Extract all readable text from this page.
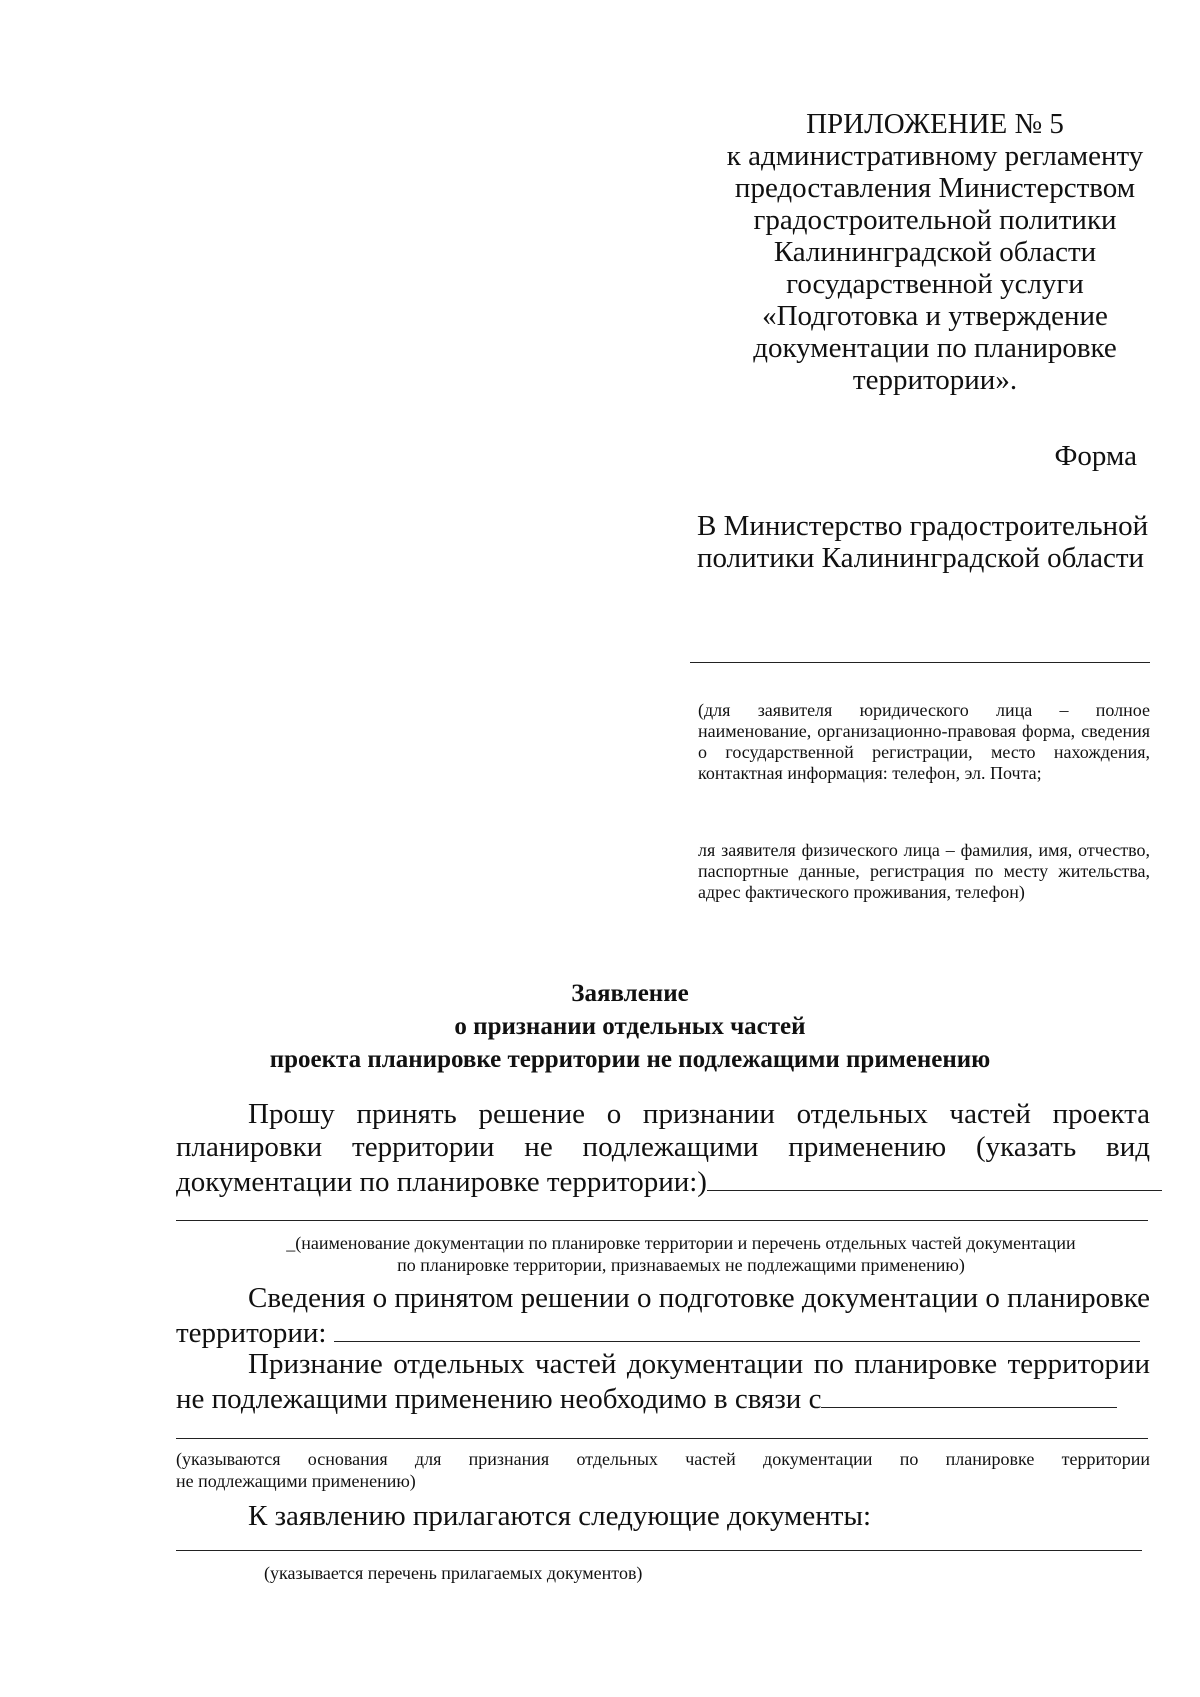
ПРИЛОЖЕНИЕ № 5
к административному регламенту
предоставления Министерством
градостроительной политики
Калининградской области
государственной услуги
«Подготовка и утверждение
документации по планировке
территории».
Форма
В Министерство градостроительной
политики Калининградской области
(для заявителя юридического лица – полное наименование, организационно-правовая форма, сведения о государственной регистрации, место нахождения, контактная информация: телефон, эл. Почта;
ля заявителя физического лица – фамилия, имя, отчество, паспортные данные, регистрация по месту жительства, адрес фактического проживания, телефон)
Заявление
о признании отдельных частей
проекта планировке территории не подлежащими применению
Прошу принять решение о признании отдельных частей проекта
планировки территории не подлежащими применению (указать вид
документации по планировке территории:)
_(наименование документации по планировке территории и перечень отдельных частей документации
по планировке территории, признаваемых не подлежащими применению)
Сведения о принятом решении о подготовке документации о планировке
территории:
Признание отдельных частей документации по планировке территории
не подлежащими применению необходимо в связи с
(указываются основания для признания отдельных частей документации по планировке территории
не подлежащими применению)
К заявлению прилагаются следующие документы:
(указывается перечень прилагаемых документов)
